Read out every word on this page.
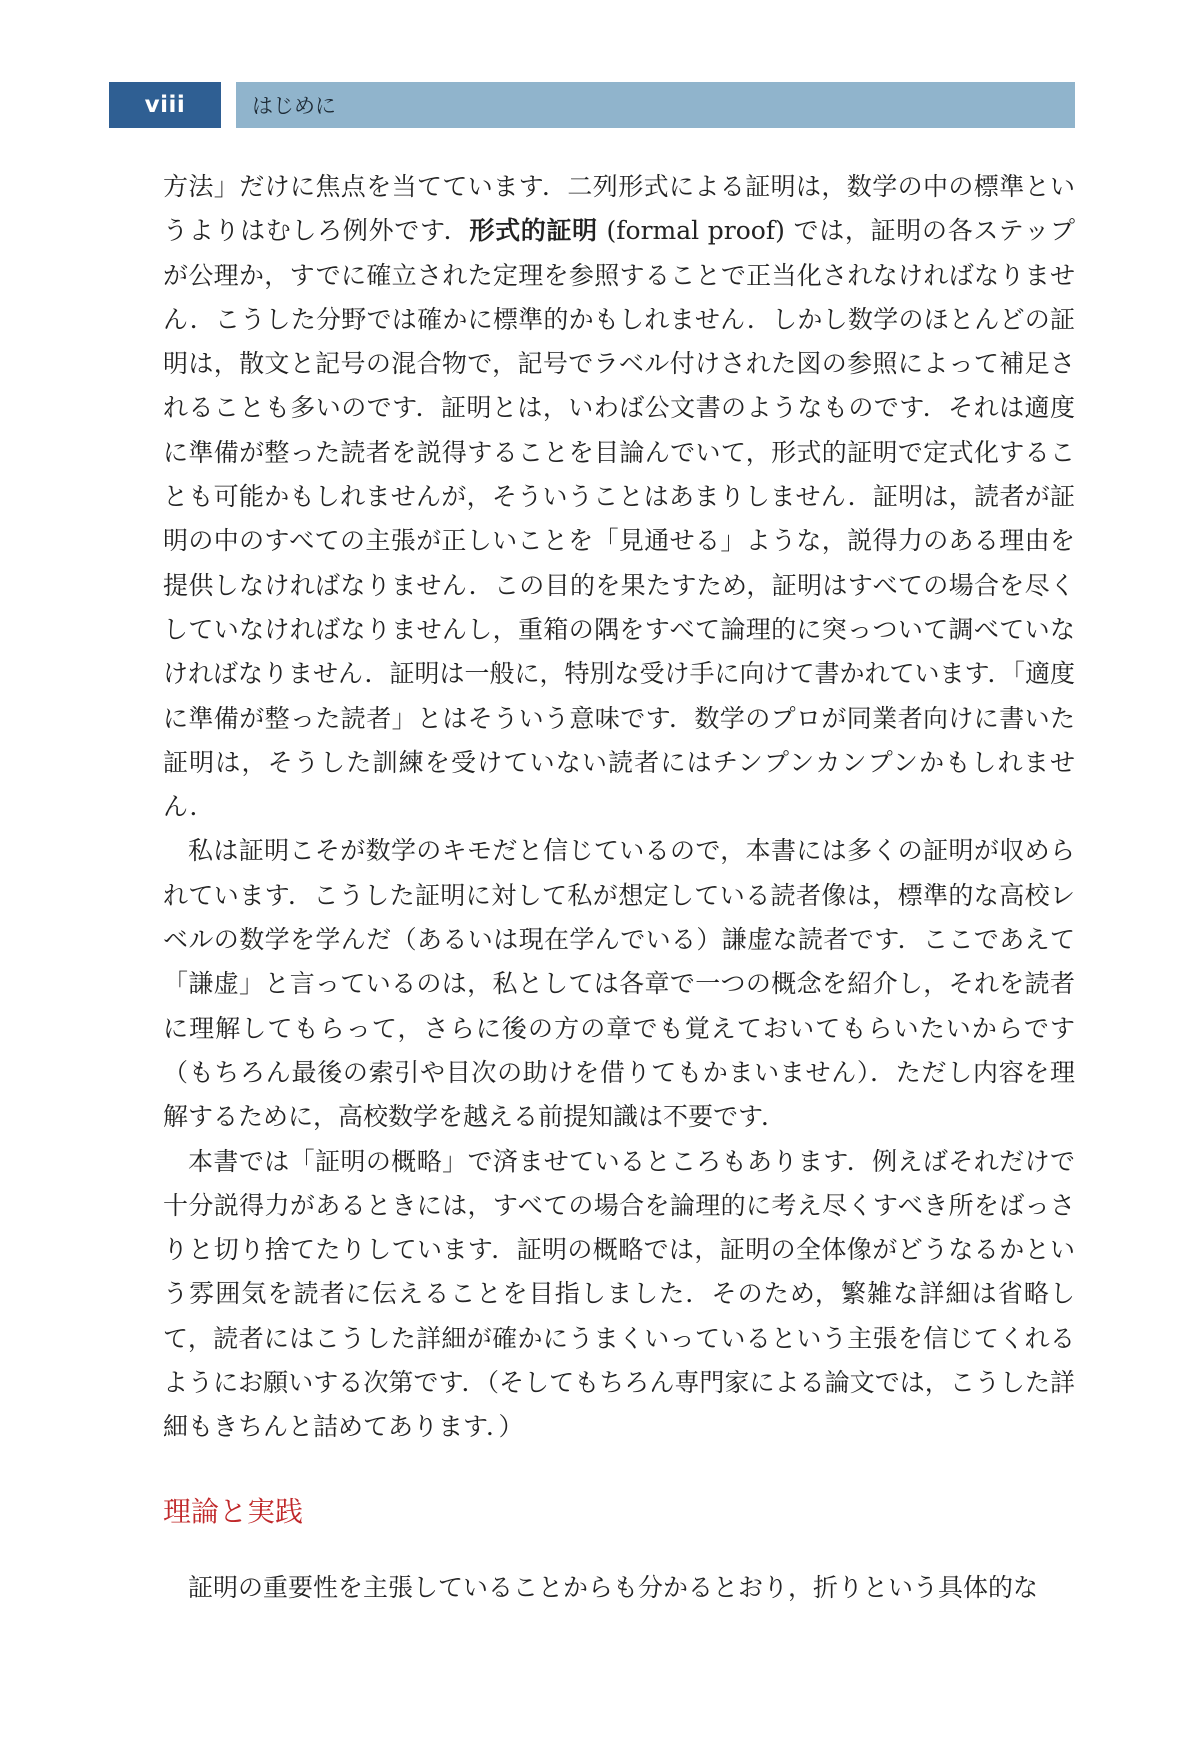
viii	はじめに

方法」だけに焦点を当てています．二列形式による証明は，数学の中の標準というよりはむしろ例外です．形式的証明 (formal proof) では，証明の各ステップが公理か，すでに確立された定理を参照することで正当化されなければなりません．こうした分野では確かに標準的かもしれません．しかし数学のほとんどの証明は，散文と記号の混合物で，記号でラベル付けされた図の参照によって補足されることも多いのです．証明とは，いわば公文書のようなものです．それは適度に準備が整った読者を説得することを目論んでいて，形式的証明で定式化することも可能かもしれませんが，そういうことはあまりしません．証明は，読者が証明の中のすべての主張が正しいことを「見通せる」ような，説得力のある理由を提供しなければなりません．この目的を果たすため，証明はすべての場合を尽くしていなければなりませんし，重箱の隅をすべて論理的に突っついて調べていなければなりません．証明は一般に，特別な受け手に向けて書かれています．「適度に準備が整った読者」とはそういう意味です．数学のプロが同業者向けに書いた証明は，そうした訓練を受けていない読者にはチンプンカンプンかもしれません．

私は証明こそが数学のキモだと信じているので，本書には多くの証明が収められています．こうした証明に対して私が想定している読者像は，標準的な高校レベルの数学を学んだ（あるいは現在学んでいる）謙虚な読者です．ここであえて「謙虚」と言っているのは，私としては各章で一つの概念を紹介し，それを読者に理解してもらって，さらに後の方の章でも覚えておいてもらいたいからです（もちろん最後の索引や目次の助けを借りてもかまいません）．ただし内容を理解するために，高校数学を越える前提知識は不要です．

本書では「証明の概略」で済ませているところもあります．例えばそれだけで十分説得力があるときには，すべての場合を論理的に考え尽くすべき所をばっさりと切り捨てたりしています．証明の概略では，証明の全体像がどうなるかという雰囲気を読者に伝えることを目指しました．そのため，繁雑な詳細は省略して，読者にはこうした詳細が確かにうまくいっているという主張を信じてくれるようにお願いする次第です．（そしてもちろん専門家による論文では，こうした詳細もきちんと詰めてあります．）

理論と実践

証明の重要性を主張していることからも分かるとおり，折りという具体的な
